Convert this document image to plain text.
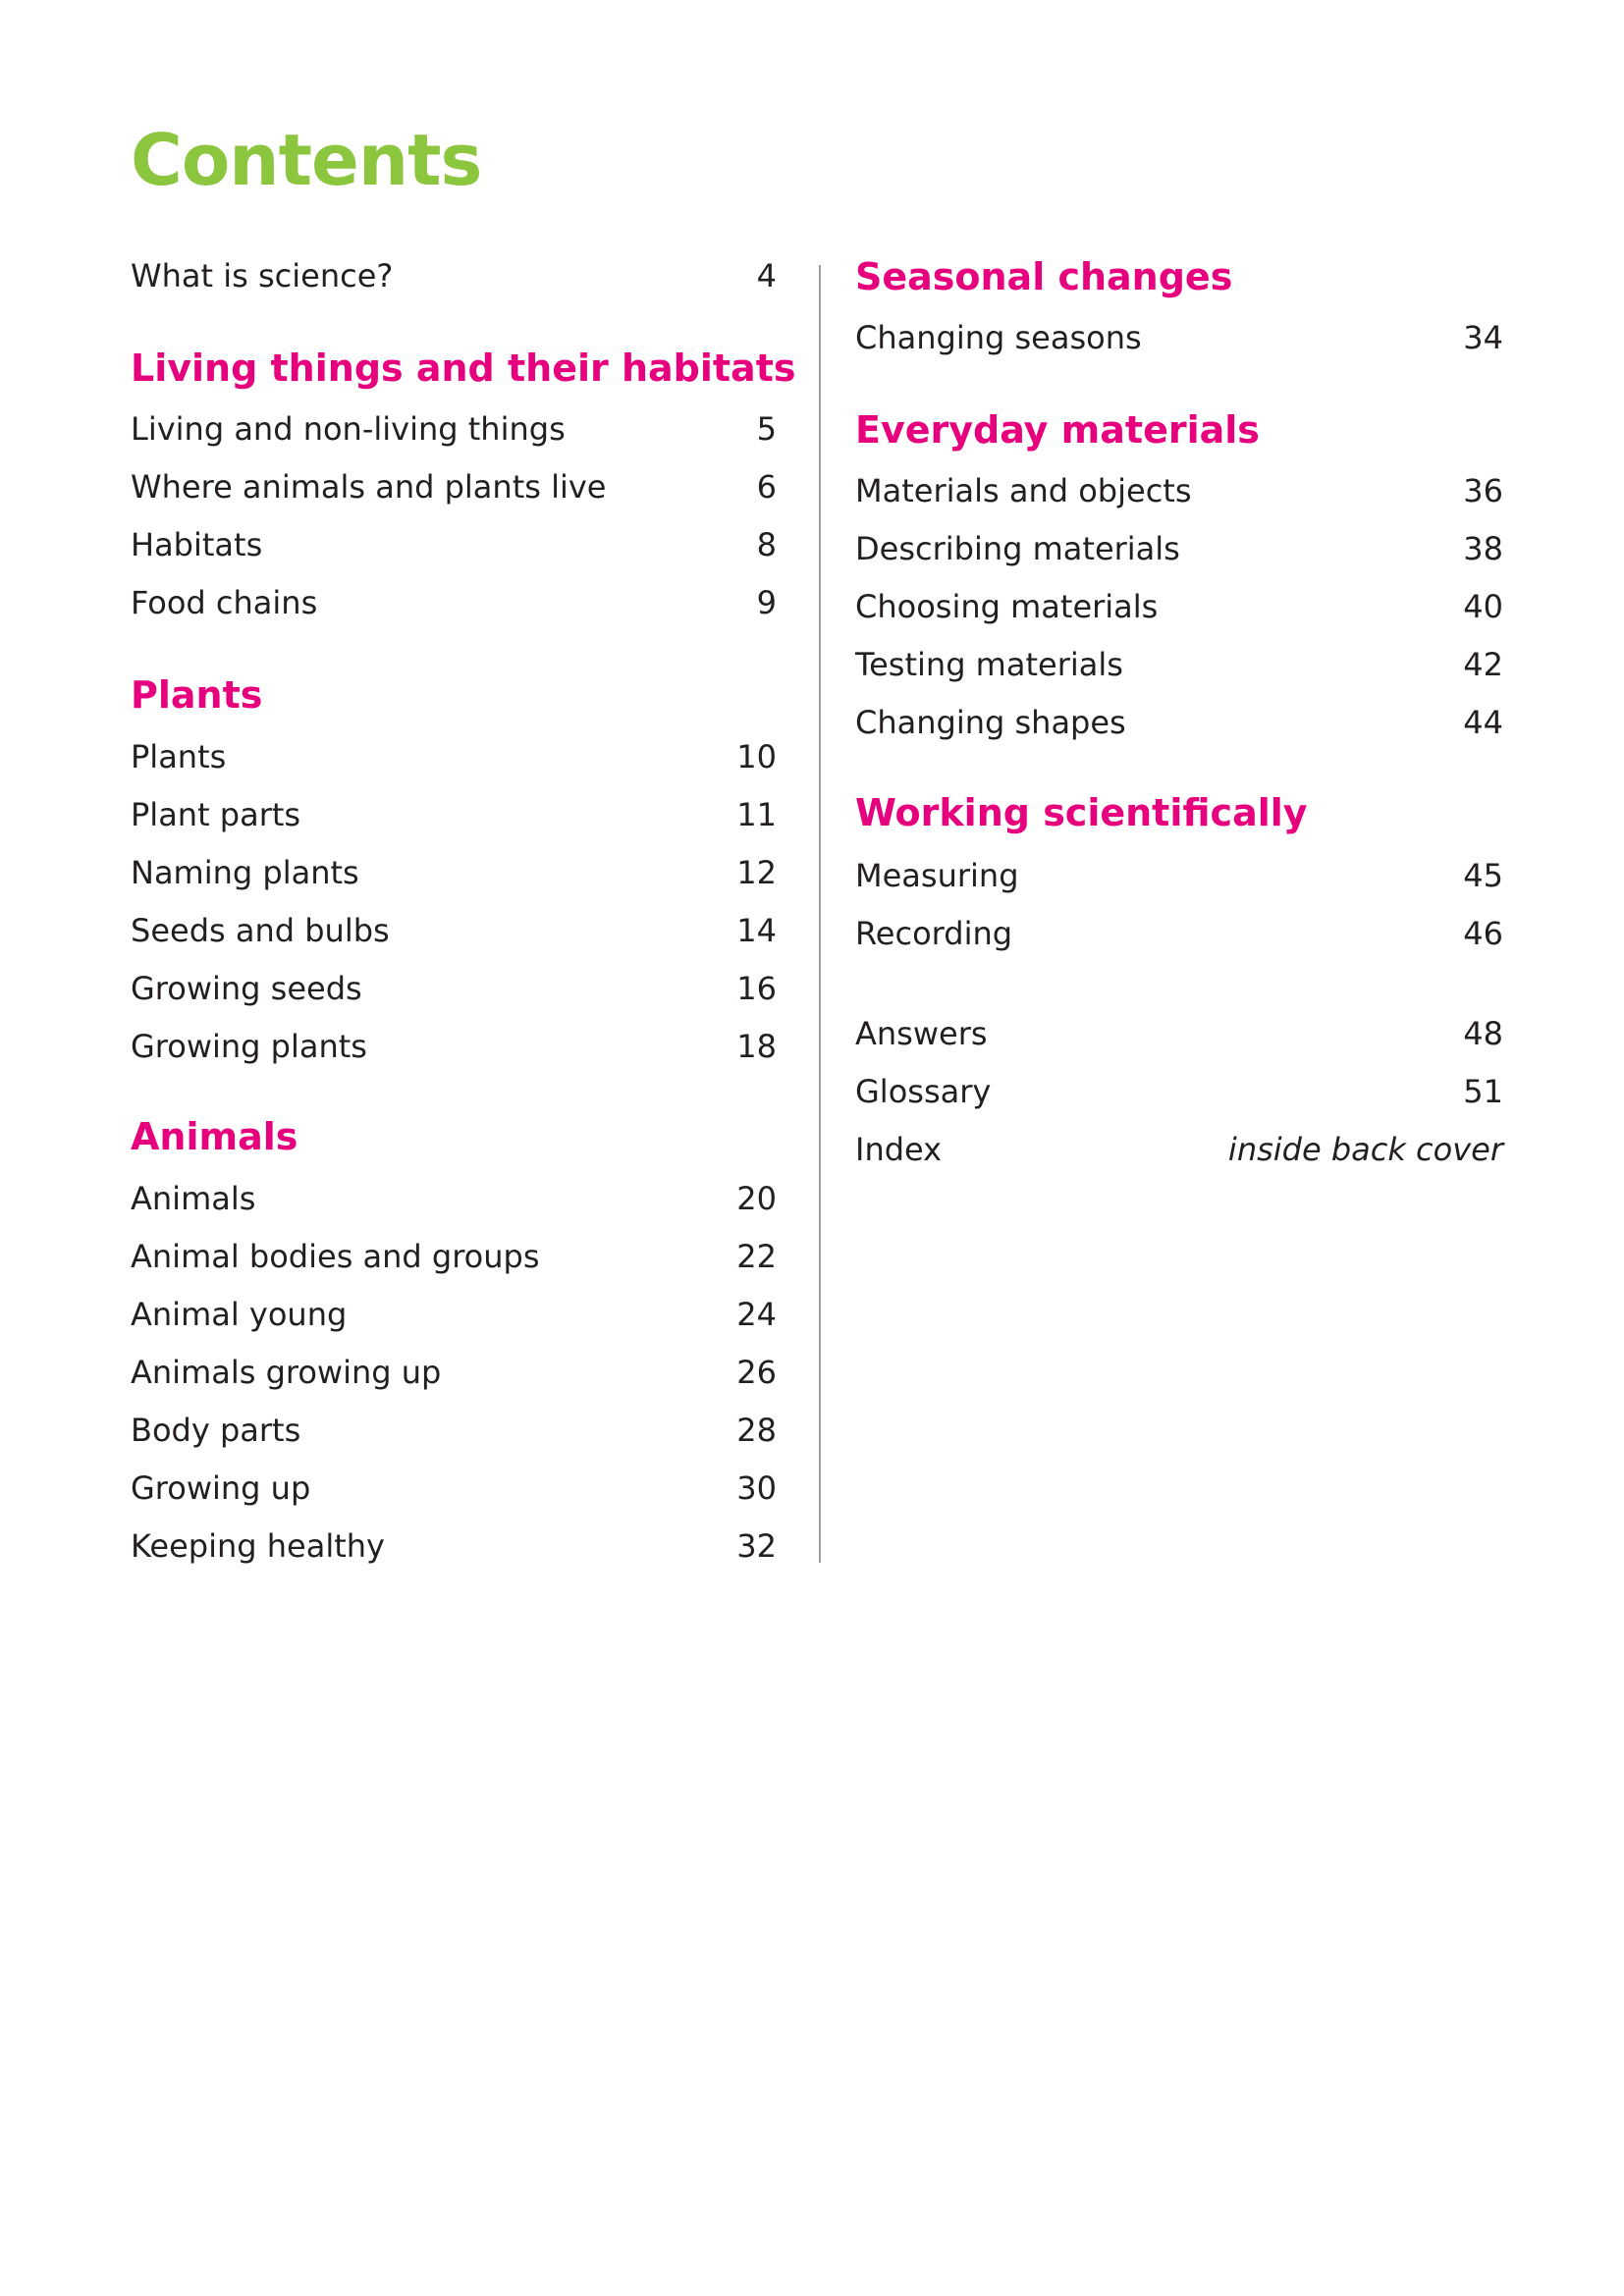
Contents
What is science?	4
Living things and their habitats
Living and non-living things	5
Where animals and plants live	6
Habitats	8
Food chains	9
Plants
Plants	10
Plant parts	11
Naming plants	12
Seeds and bulbs	14
Growing seeds	16
Growing plants	18
Animals
Animals	20
Animal bodies and groups	22
Animal young	24
Animals growing up	26
Body parts	28
Growing up	30
Keeping healthy	32
Seasonal changes
Changing seasons	34
Everyday materials
Materials and objects	36
Describing materials	38
Choosing materials	40
Testing materials	42
Changing shapes	44
Working scientifically
Measuring	45
Recording	46
Answers	48
Glossary	51
Index	inside back cover
